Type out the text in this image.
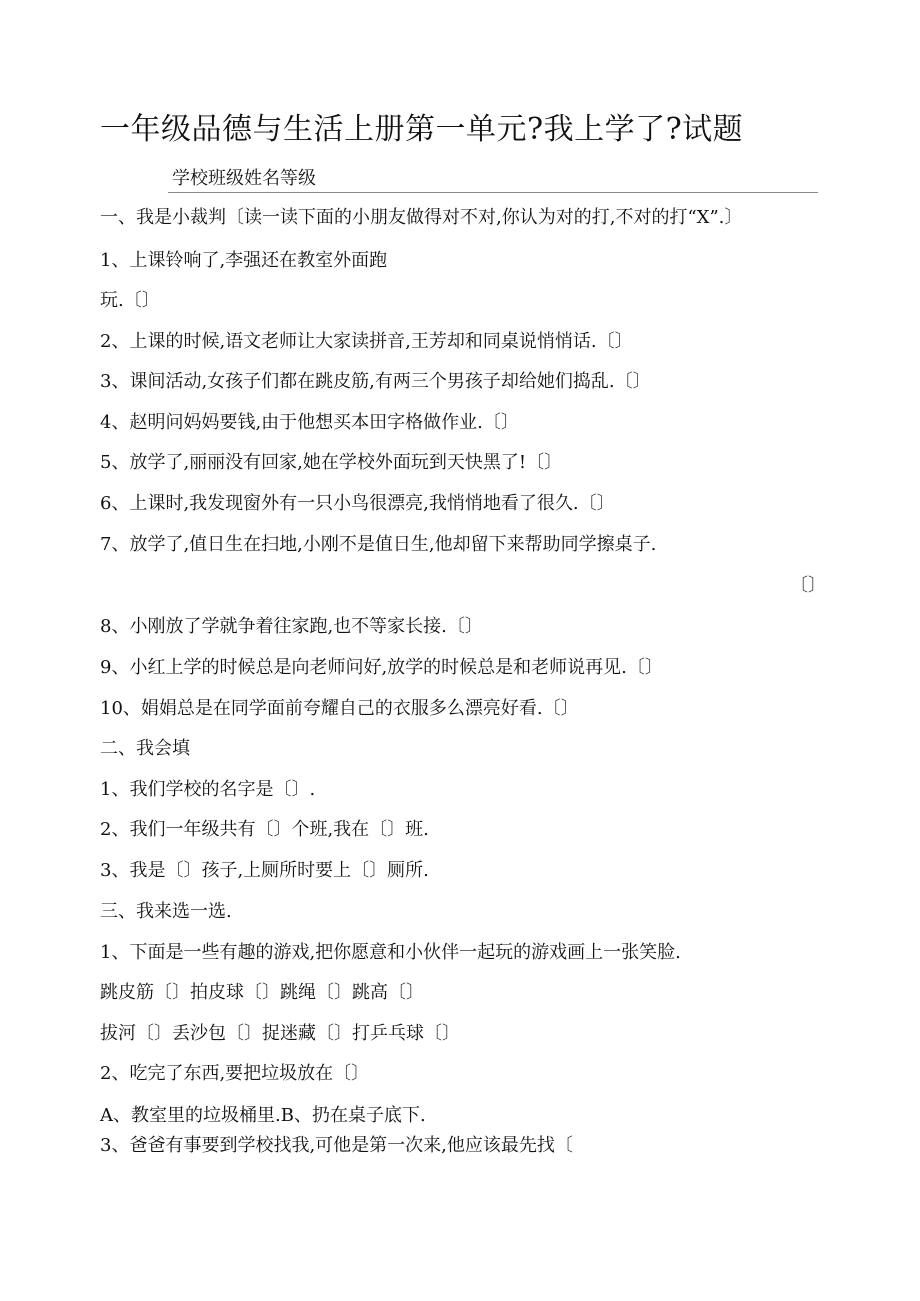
一年级品德与生活上册第一单元?我上学了?试题
学校班级姓名等级
一、我是小裁判〔读一读下面的小朋友做得对不对,你认为对的打,不对的打“X”.〕
1、上课铃响了,李强还在教室外面跑
玩.〔〕
2、上课的时候,语文老师让大家读拼音,王芳却和同桌说悄悄话.〔〕
3、课间活动,女孩子们都在跳皮筋,有两三个男孩子却给她们捣乱.〔〕
4、赵明问妈妈要钱,由于他想买本田字格做作业.〔〕
5、放学了,丽丽没有回家,她在学校外面玩到天快黑了!〔〕
6、上课时,我发现窗外有一只小鸟很漂亮,我悄悄地看了很久.〔〕
7、放学了,值日生在扫地,小刚不是值日生,他却留下来帮助同学擦桌子.
〔〕
8、小刚放了学就争着往家跑,也不等家长接.〔〕
9、小红上学的时候总是向老师问好,放学的时候总是和老师说再见.〔〕
10、娟娟总是在同学面前夸耀自己的衣服多么漂亮好看.〔〕
二、我会填
1、我们学校的名字是〔〕.
2、我们一年级共有〔〕个班,我在〔〕班.
3、我是〔〕孩子,上厕所时要上〔〕厕所.
三、我来选一选.
1、下面是一些有趣的游戏,把你愿意和小伙伴一起玩的游戏画上一张笑脸.
跳皮筋〔〕拍皮球〔〕跳绳〔〕跳高〔〕
拔河〔〕丢沙包〔〕捉迷藏〔〕打乒乓球〔〕
2、吃完了东西,要把垃圾放在〔〕
A、教室里的垃圾桶里.B、扔在桌子底下.
3、爸爸有事要到学校找我,可他是第一次来,他应该最先找〔
